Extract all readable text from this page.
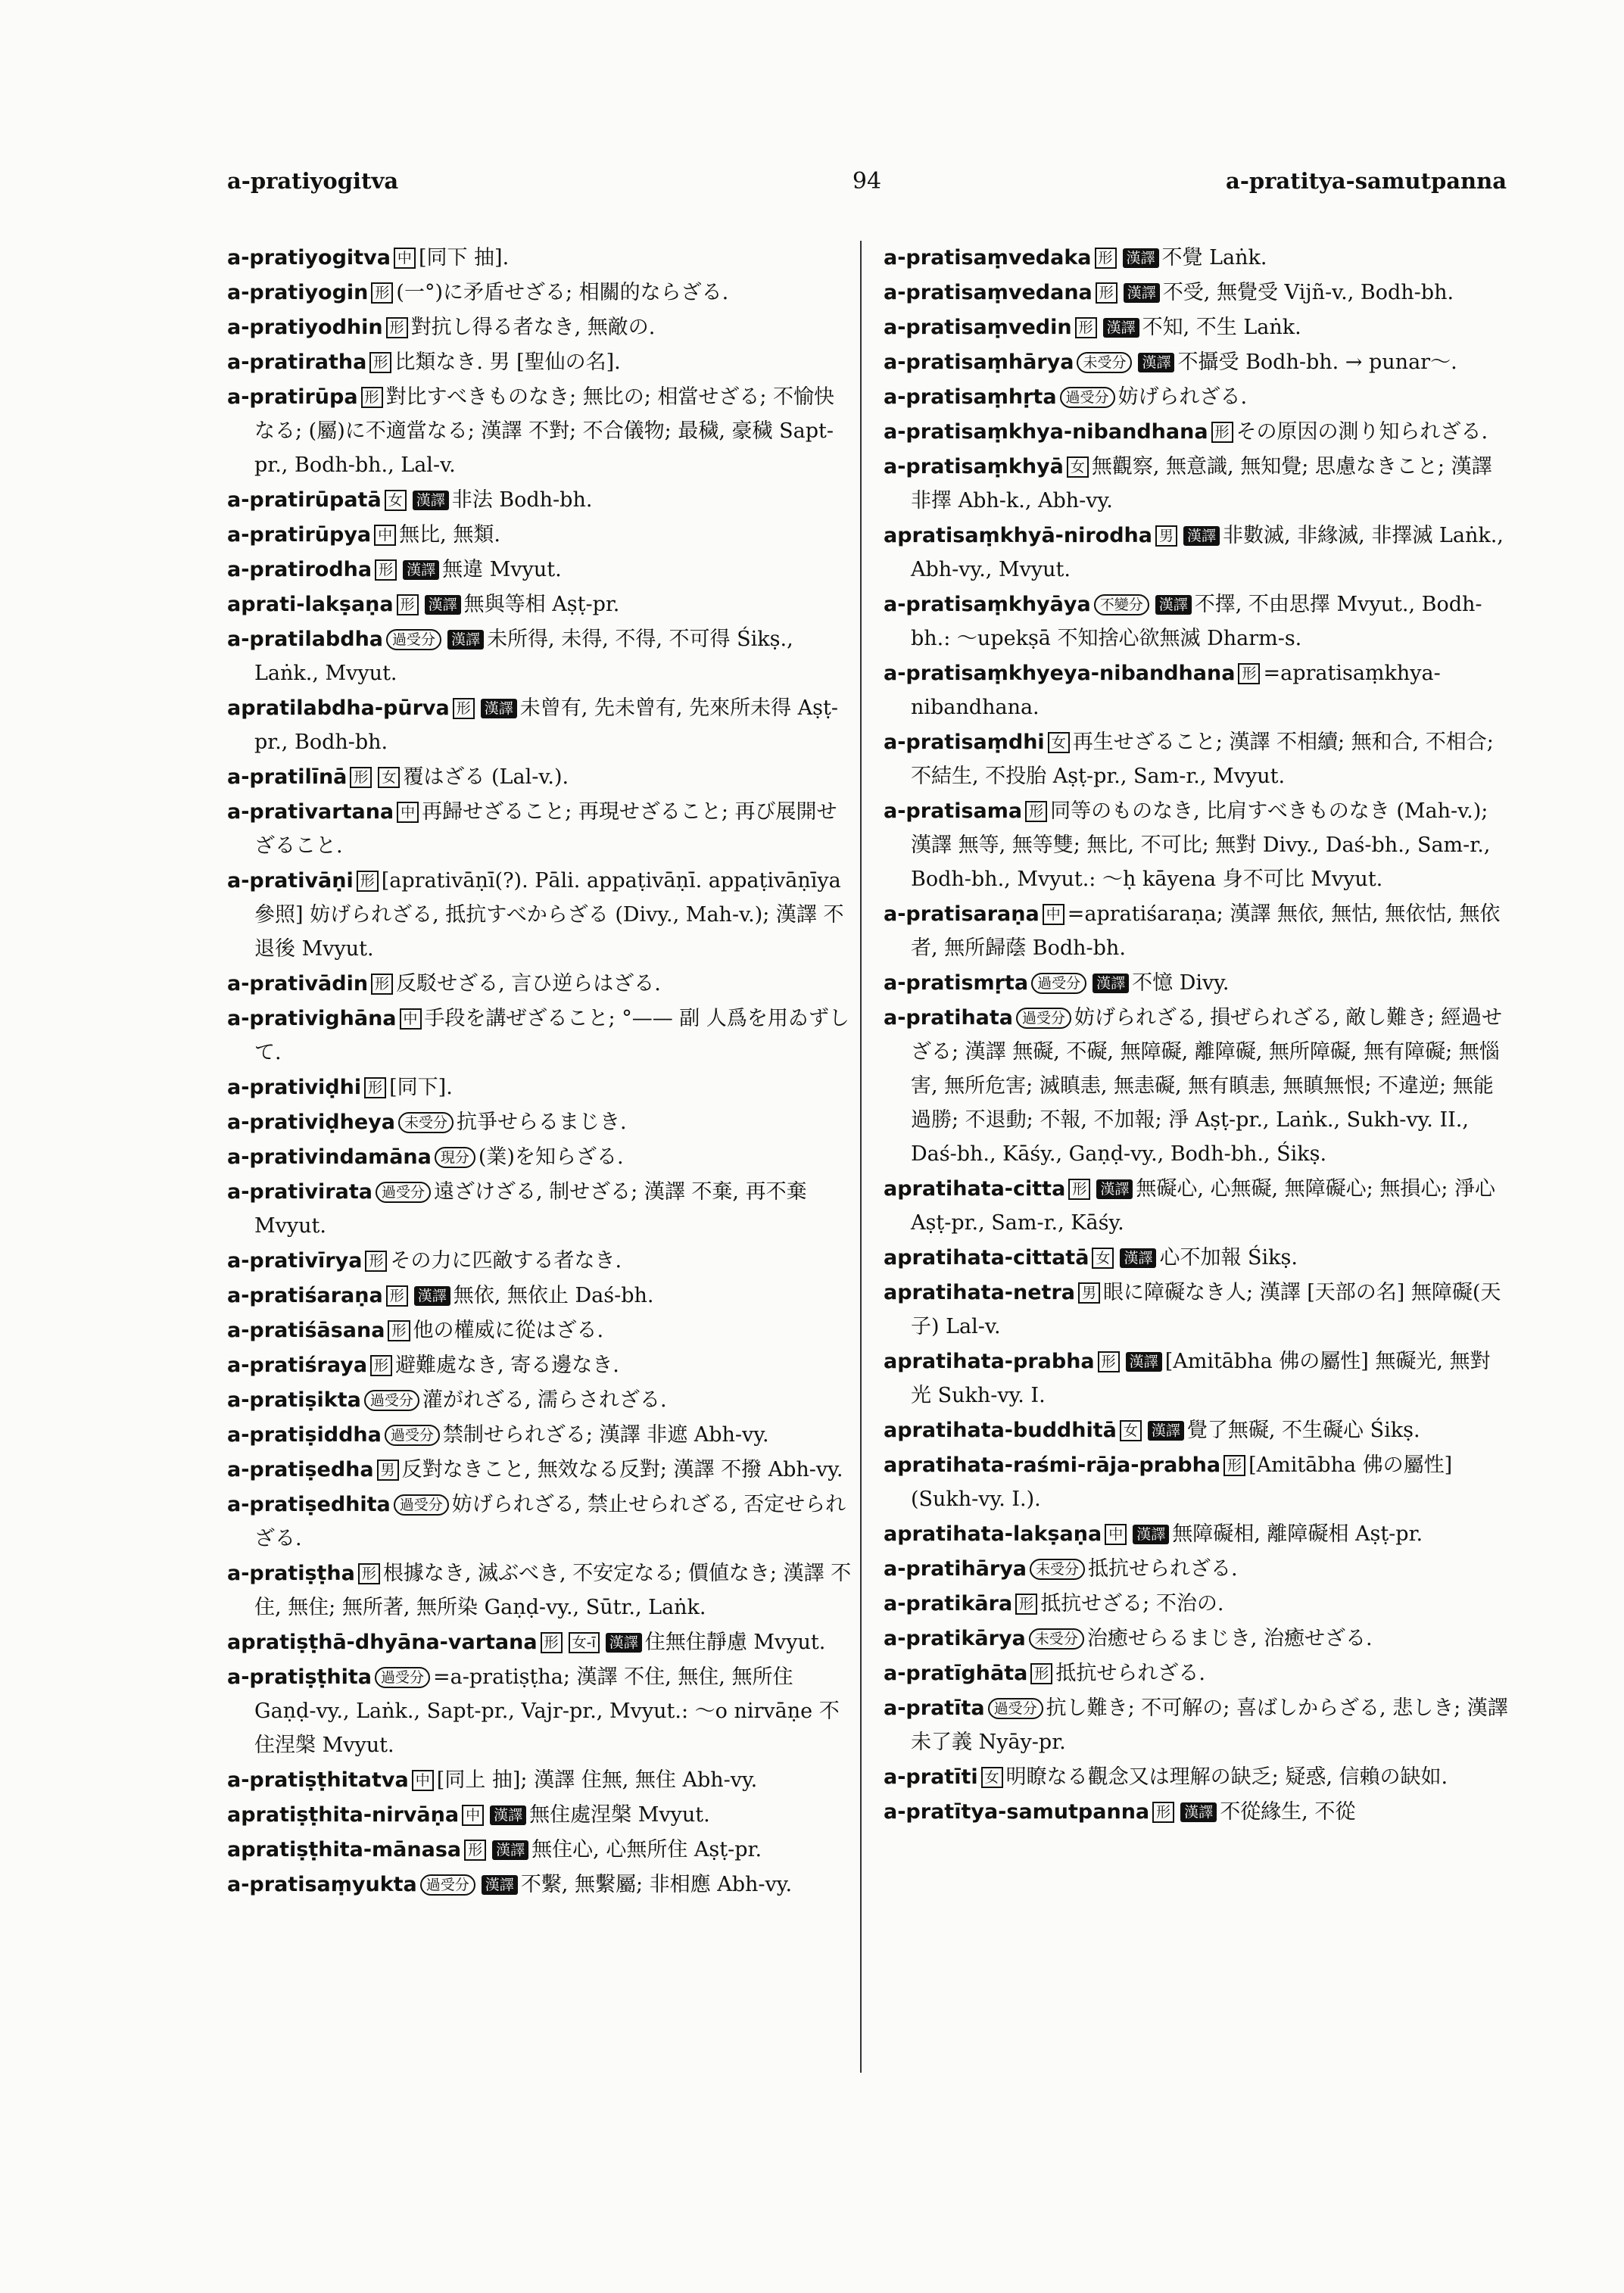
94
a-pratiyogitva	a-pratitya-samutpanna
a-pratiyogitva 中 [同下 抽].
a-pratiyogin 形 (一°)に矛盾せざる; 相關的ならざる.
a-pratiyodhin 形 對抗し得る者なき, 無敵の.
a-pratiratha 形 比類なき. 男 [聖仙の名].
a-pratirūpa 形 對比すべきものなき; 無比の; 相當せざる; 不愉快なる; (屬)に不適當なる; 漢譯 不對; 不合儀物; 最穢, 豪穢 Sapt-pr., Bodh-bh., Lal-v.
a-pratirūpatā 女 漢譯 非法 Bodh-bh.
a-pratirūpya 中 無比, 無類.
a-pratirodha 形 漢譯 無違 Mvyut.
aprati-lakṣaṇa 形 漢譯 無與等相 Aṣṭ-pr.
a-pratilabdha 過受分 漢譯 未所得, 未得, 不得, 不可得 Śikṣ., Laṅk., Mvyut.
apratilabdha-pūrva 形 漢譯 未曾有, 先未曾有, 先來所未得 Aṣṭ-pr., Bodh-bh.
a-pratilīnā 形 女 覆はざる (Lal-v.).
a-prativartana 中 再歸せざること; 再現せざること; 再び展開せざること.
a-prativāṇi 形 [aprativāṇī(?). Pāli. appaṭivāṇī. appaṭivāṇīya 參照] 妨げられざる, 抵抗すべからざる (Divy., Mah-v.); 漢譯 不退後 Mvyut.
a-prativādin 形 反駁せざる, 言ひ逆らはざる.
a-prativighāna 中 手段を講ぜざること; °—— 副 人爲を用ゐずして.
a-prativiḍhi 形 [同下].
a-prativiḍheya 未受分 抗爭せらるまじき.
a-prativindamāna 現分 (業)を知らざる.
a-prativirata 過受分 遠ざけざる, 制せざる; 漢譯 不棄, 再不棄 Mvyut.
a-prativīrya 形 その力に匹敵する者なき.
a-pratiśaraṇa 形 漢譯 無依, 無依止 Daś-bh.
a-pratiśāsana 形 他の權威に從はざる.
a-pratiśraya 形 避難處なき, 寄る邊なき.
a-pratiṣikta 過受分 灌がれざる, 濡らされざる.
a-pratiṣiddha 過受分 禁制せられざる; 漢譯 非遮 Abh-vy.
a-pratiṣedha 男 反對なきこと, 無效なる反對; 漢譯 不撥 Abh-vy.
a-pratiṣedhita 過受分 妨げられざる, 禁止せられざる, 否定せられざる.
a-pratiṣṭha 形 根據なき, 滅ぶべき, 不安定なる; 價値なき; 漢譯 不住, 無住; 無所著, 無所染 Gaṇḍ-vy., Sūtr., Laṅk.
apratiṣṭhā-dhyāna-vartana 形 女-ī 漢譯 住無住靜慮 Mvyut.
a-pratiṣṭhita 過受分 =a-pratiṣṭha; 漢譯 不住, 無住, 無所住 Gaṇḍ-vy., Laṅk., Sapt-pr., Vajr-pr., Mvyut.: ～o nirvāṇe 不住涅槃 Mvyut.
a-pratiṣṭhitatva 中 [同上 抽]; 漢譯 住無, 無住 Abh-vy.
apratiṣṭhita-nirvāṇa 中 漢譯 無住處涅槃 Mvyut.
apratiṣṭhita-mānasa 形 漢譯 無住心, 心無所住 Aṣṭ-pr.
a-pratisaṃyukta 過受分 漢譯 不繫, 無繫屬; 非相應 Abh-vy.
a-pratisaṃvedaka 形 漢譯 不覺 Laṅk.
a-pratisaṃvedana 形 漢譯 不受, 無覺受 Vijñ-v., Bodh-bh.
a-pratisaṃvedin 形 漢譯 不知, 不生 Laṅk.
a-pratisaṃhārya 未受分 漢譯 不攝受 Bodh-bh. → punar～.
a-pratisaṃhṛta 過受分 妨げられざる.
a-pratisaṃkhya-nibandhana 形 その原因の測り知られざる.
a-pratisaṃkhyā 女 無觀察, 無意識, 無知覺; 思慮なきこと; 漢譯 非擇 Abh-k., Abh-vy.
apratisaṃkhyā-nirodha 男 漢譯 非數滅, 非緣滅, 非擇滅 Laṅk., Abh-vy., Mvyut.
a-pratisaṃkhyāya 不變分 漢譯 不擇, 不由思擇 Mvyut., Bodh-bh.: ～upekṣā 不知捨心欲無滅 Dharm-s.
a-pratisaṃkhyeya-nibandhana 形 =apratisaṃkhya-nibandhana.
a-pratisaṃdhi 女 再生せざること; 漢譯 不相續; 無和合, 不相合; 不結生, 不投胎 Aṣṭ-pr., Sam-r., Mvyut.
a-pratisama 形 同等のものなき, 比肩すべきものなき (Mah-v.); 漢譯 無等, 無等雙; 無比, 不可比; 無對 Divy., Daś-bh., Sam-r., Bodh-bh., Mvyut.: ～ḥ kāyena 身不可比 Mvyut.
a-pratisaraṇa 中 =apratiśaraṇa; 漢譯 無依, 無怙, 無依怙, 無依者, 無所歸蔭 Bodh-bh.
a-pratismṛta 過受分 漢譯 不憶 Divy.
a-pratihata 過受分 妨げられざる, 損ぜられざる, 敵し難き; 經過せざる; 漢譯 無礙, 不礙, 無障礙, 離障礙, 無所障礙, 無有障礙; 無惱害, 無所危害; 滅瞋恚, 無恚礙, 無有瞋恚, 無瞋無恨; 不違逆; 無能過勝; 不退動; 不報, 不加報; 淨 Aṣṭ-pr., Laṅk., Sukh-vy. II., Daś-bh., Kāśy., Gaṇḍ-vy., Bodh-bh., Śikṣ.
apratihata-citta 形 漢譯 無礙心, 心無礙, 無障礙心; 無損心; 淨心 Aṣṭ-pr., Sam-r., Kāśy.
apratihata-cittatā 女 漢譯 心不加報 Śikṣ.
apratihata-netra 男 眼に障礙なき人; 漢譯 [天部の名] 無障礙(天子) Lal-v.
apratihata-prabha 形 漢譯 [Amitābha 佛の屬性] 無礙光, 無對光 Sukh-vy. I.
apratihata-buddhitā 女 漢譯 覺了無礙, 不生礙心 Śikṣ.
apratihata-raśmi-rāja-prabha 形 [Amitābha 佛の屬性] (Sukh-vy. I.).
apratihata-lakṣaṇa 中 漢譯 無障礙相, 離障礙相 Aṣṭ-pr.
a-pratihārya 未受分 抵抗せられざる.
a-pratikāra 形 抵抗せざる; 不治の.
a-pratikārya 未受分 治癒せらるまじき, 治癒せざる.
a-pratīghāta 形 抵抗せられざる.
a-pratīta 過受分 抗し難き; 不可解の; 喜ばしからざる, 悲しき; 漢譯 未了義 Nyāy-pr.
a-pratīti 女 明瞭なる觀念又は理解の缺乏; 疑惑, 信賴の缺如.
a-pratītya-samutpanna 形 漢譯 不從緣生, 不從
